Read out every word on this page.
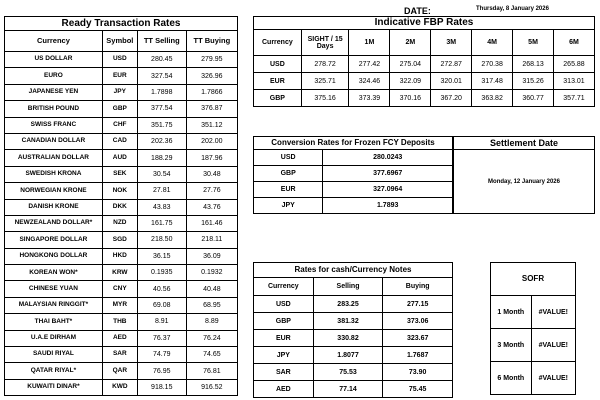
Ready Transaction Rates			
Currency	Symbol	TT Selling	TT Buying
US DOLLAR	USD	280.45	279.95
EURO	EUR	327.54	326.96
JAPANESE YEN	JPY	1.7898	1.7866
BRITISH POUND	GBP	377.54	376.87
SWISS FRANC	CHF	351.75	351.12
CANADIAN DOLLAR	CAD	202.36	202.00
AUSTRALIAN DOLLAR	AUD	188.29	187.96
SWEDISH KRONA	SEK	30.54	30.48
NORWEGIAN KRONE	NOK	27.81	27.76
DANISH KRONE	DKK	43.83	43.76
NEWZEALAND DOLLAR*	NZD	161.75	161.46
SINGAPORE DOLLAR	SGD	218.50	218.11
HONGKONG DOLLAR	HKD	36.15	36.09
KOREAN WON*	KRW	0.1935	0.1932
CHINESE YUAN	CNY	40.56	40.48
MALAYSIAN RINGGIT*	MYR	69.08	68.95
THAI BAHT*	THB	8.91	8.89
U.A.E DIRHAM	AED	76.37	76.24
SAUDI RIYAL	SAR	74.79	74.65
QATAR RIYAL*	QAR	76.95	76.81
KUWAITI DINAR*	KWD	918.15	916.52
DATE:	Thursday, 8 January 2026
Indicative FBP Rates							
Currency	SIGHT / 15 Days	1M	2M	3M	4M	5M	6M
USD	278.72	277.42	275.04	272.87	270.38	268.13	265.88
EUR	325.71	324.46	322.09	320.01	317.48	315.26	313.01
GBP	375.16	373.39	370.16	367.20	363.82	360.77	357.71
Conversion Rates for Frozen FCY Deposits	
USD	280.0243
GBP	377.6967
EUR	327.0964
JPY	1.7893
Settlement Date
Monday, 12 January 2026
Rates for cash/Currency Notes		
Currency	Selling	Buying
USD	283.25	277.15
GBP	381.32	373.06
EUR	330.82	323.67
JPY	1.8077	1.7687
SAR	75.53	73.90
AED	77.14	75.45
SOFR	
1 Month	#VALUE!
3 Month	#VALUE!
6 Month	#VALUE!
